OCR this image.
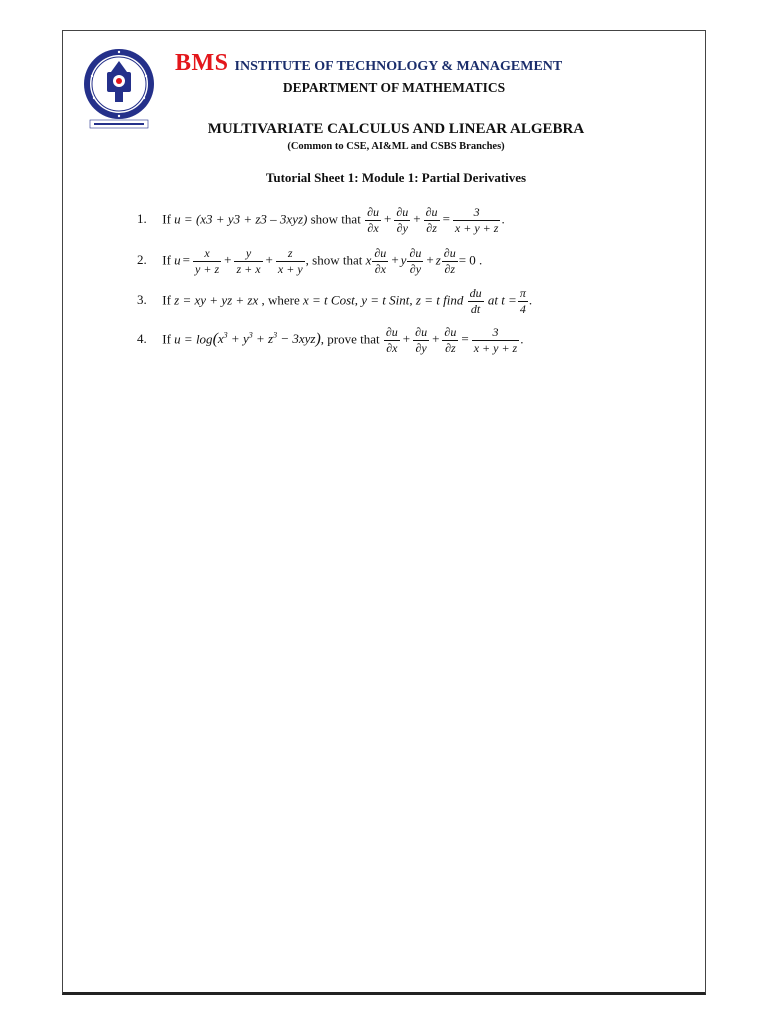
BMS INSTITUTE OF TECHNOLOGY & MANAGEMENT
DEPARTMENT OF MATHEMATICS
MULTIVARIATE CALCULUS AND LINEAR ALGEBRA
(Common to CSE, AI&ML and CSBS Branches)
Tutorial Sheet 1: Module 1: Partial Derivatives
1. If u = (x3 + y3 + z3 – 3xyz) show that $\frac{\partial u}{\partial x} + \frac{\partial u}{\partial y} + \frac{\partial u}{\partial z} = \frac{3}{x + y + z}$ .
2. If $u = \frac{x}{y + z} + \frac{y}{z + x} + \frac{z}{x + y}$ , show that x $\frac{\partial u}{\partial x} + y \frac{\partial u}{\partial y} + z \frac{\partial u}{\partial z} = 0$ .
3. If z = xy + yz + zx , where x = t Cost, y = t Sint, z = t find $\frac{du}{dt}$ at $t = \frac{\pi}{4}$ .
4. If $u = \log(x^3 + y^3 + z^3 - 3xyz)$, prove that $\frac{\partial u}{\partial x} + \frac{\partial u}{\partial y} + \frac{\partial u}{\partial z} = \frac{3}{x + y + z}$ .
